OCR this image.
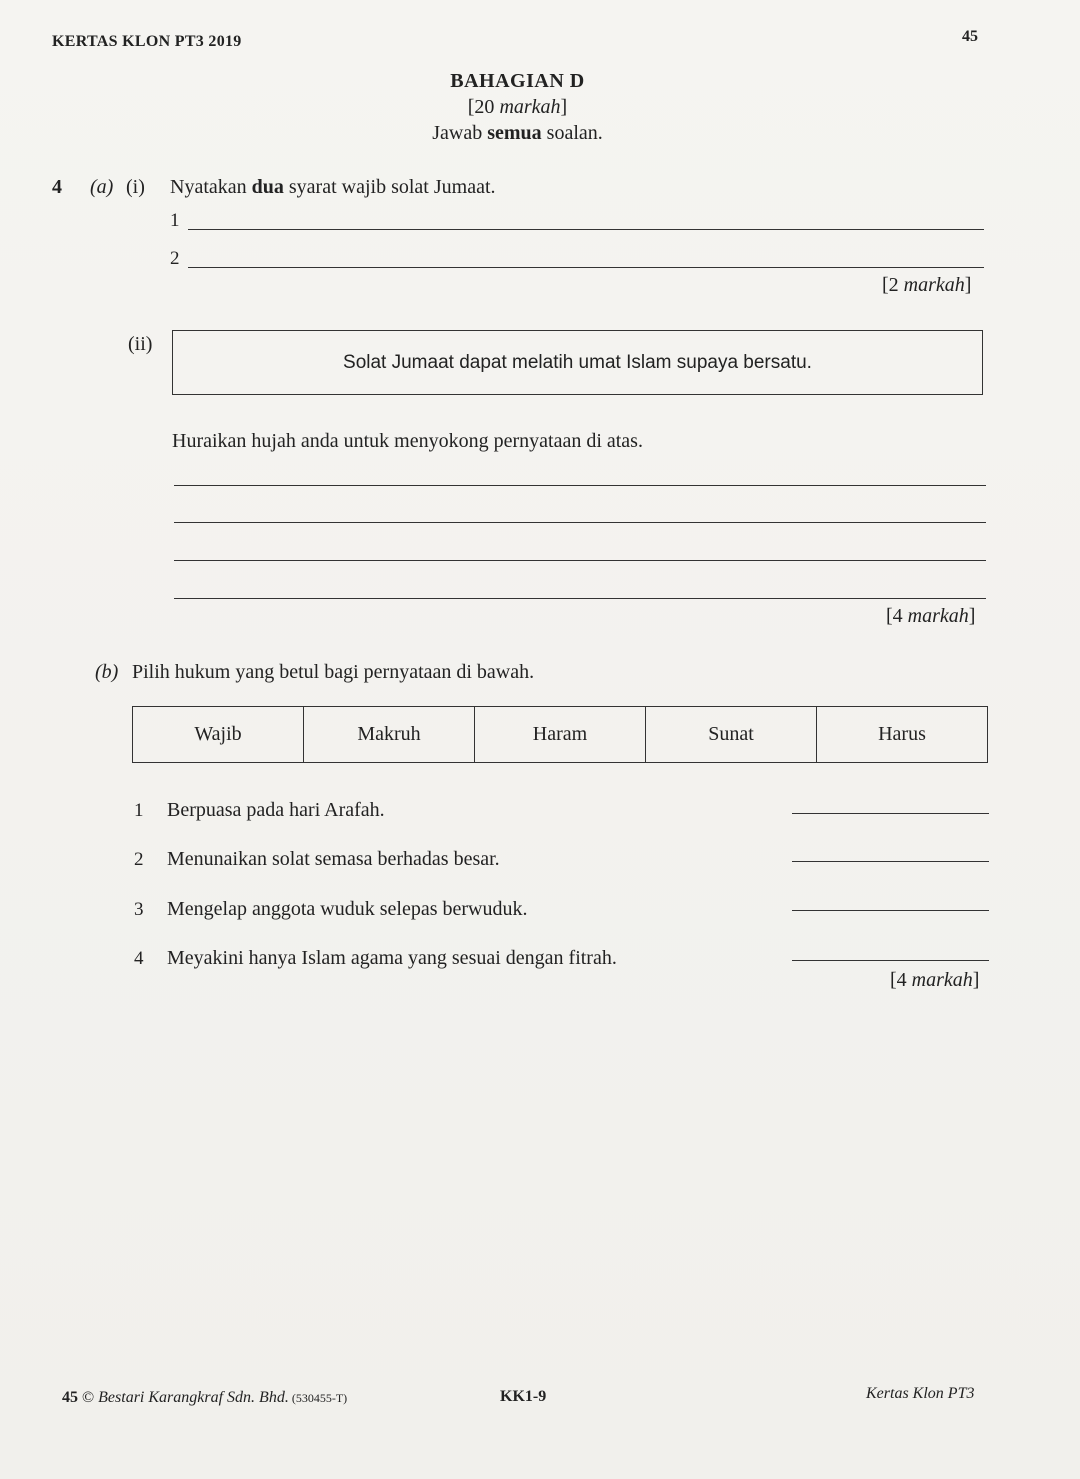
KERTAS KLON PT3 2019	45
BAHAGIAN D
[20 markah]
Jawab semua soalan.
4 (a) (i) Nyatakan dua syarat wajib solat Jumaat.
1
2
[2 markah]
(ii)
Solat Jumaat dapat melatih umat Islam supaya bersatu.
Huraikan hujah anda untuk menyokong pernyataan di atas.
[4 markah]
(b) Pilih hukum yang betul bagi pernyataan di bawah.
Wajib	Makruh	Haram	Sunat	Harus
1 Berpuasa pada hari Arafah.
2 Menunaikan solat semasa berhadas besar.
3 Mengelap anggota wuduk selepas berwuduk.
4 Meyakini hanya Islam agama yang sesuai dengan fitrah.
[4 markah]
45 © Bestari Karangkraf Sdn. Bhd. (530455-T)	KK1-9	Kertas Klon PT3
